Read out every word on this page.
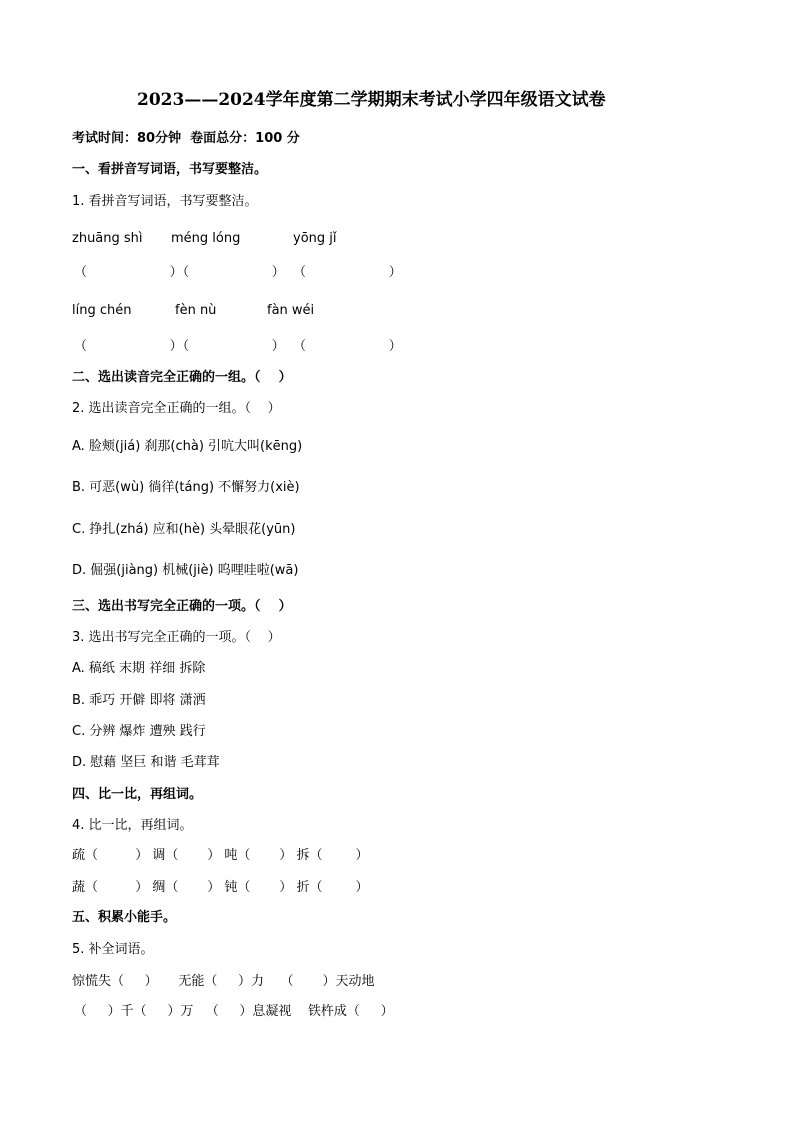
2023——2024学年度第二学期期末考试小学四年级语文试卷
考试时间：80分钟  卷面总分：100 分
一、看拼音写词语，书写要整洁。
1. 看拼音写词语，书写要整洁。
zhuāng shì méng lóng	yōng jǐ
（                    ）（                    ）  （                    ）
líng chén	fèn nù	fàn wéi
（                    ）（                    ）  （                    ）
二、选出读音完全正确的一组。（    ）
2. 选出读音完全正确的一组。（    ）
A. 脸颊(jiá) 刹那(chà) 引吭大叫(kēng)
B. 可恶(wù) 徜徉(táng) 不懈努力(xiè)
C. 挣扎(zhá) 应和(hè) 头晕眼花(yūn)
D. 倔强(jiàng) 机械(jiè) 呜哩哇啦(wā)
三、选出书写完全正确的一项。（    ）
3. 选出书写完全正确的一项。（    ）
A. 稿纸 末期 祥细 拆除
B. 乖巧 开僻 即将 潇洒
C. 分辨 爆炸 遭殃 践行
D. 慰藉 坚巨 和谐 毛茸茸
四、比一比，再组词。
4. 比一比，再组词。
疏（         ） 调（       ） 吨（       ） 拆（        ）
蔬（         ） 绸（       ） 钝（       ） 折（        ）
五、积累小能手。
5. 补全词语。
惊慌失（     ）     无能（     ）力    （       ）天动地
（     ）千（     ）万   （     ）息凝视    铁杵成（     ）
